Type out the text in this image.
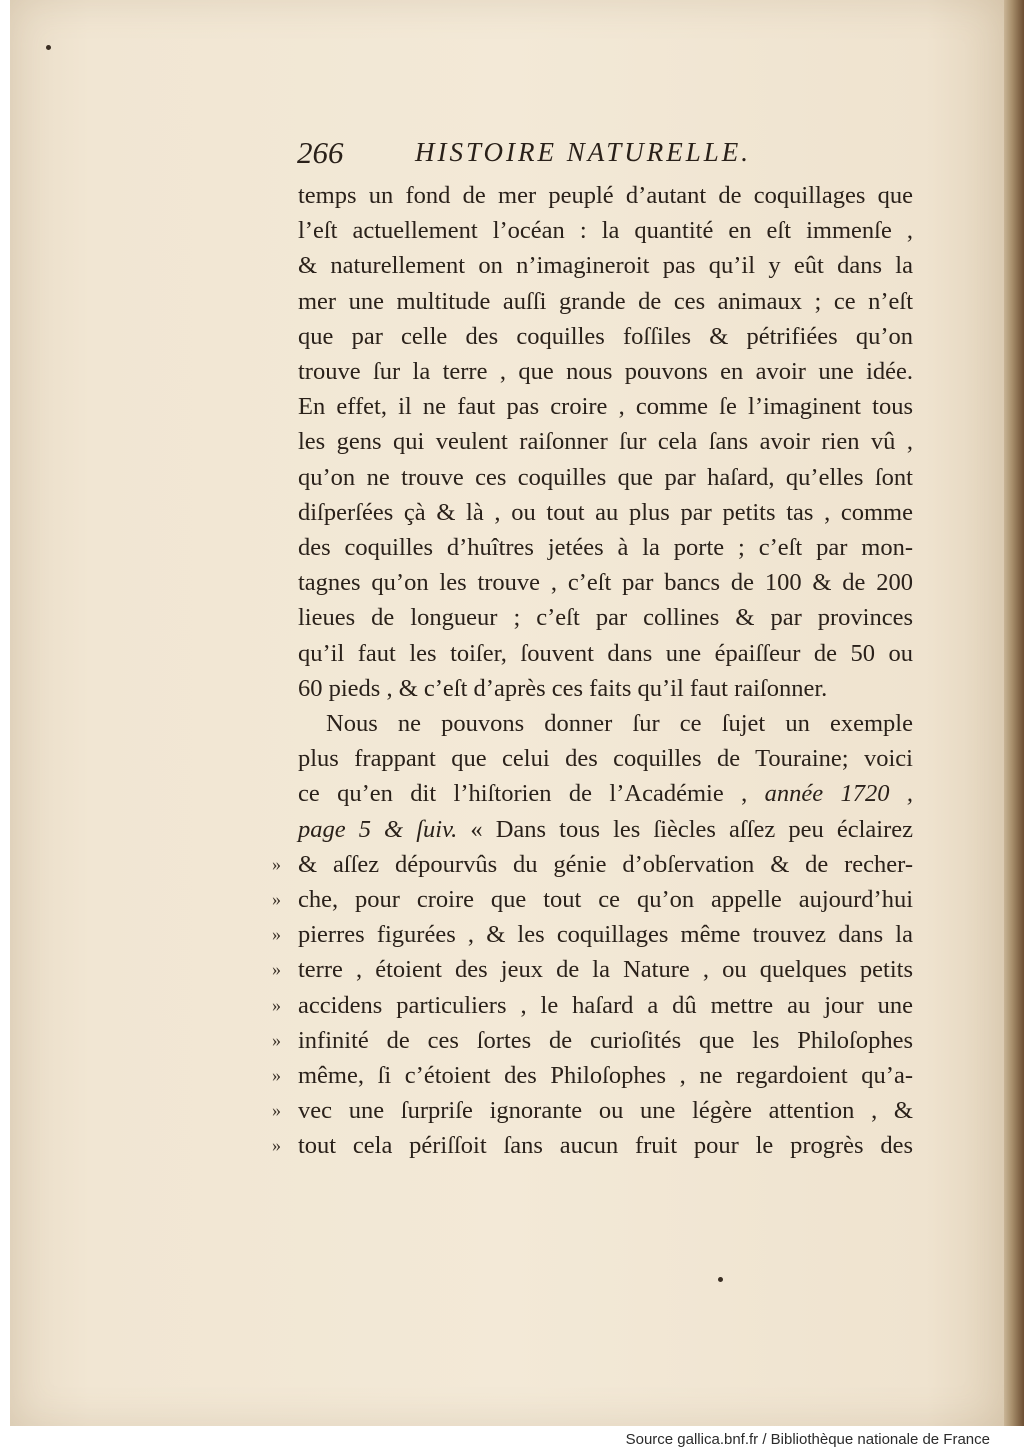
266	HISTOIRE NATURELLE.
temps un fond de mer peuplé d’autant de coquillages que
l’eſt actuellement l’océan : la quantité en eſt immenſe ,
& naturellement on n’imagineroit pas qu’il y eût dans la
mer une multitude auſſi grande de ces animaux ; ce n’eſt
que par celle des coquilles foſſiles & pétrifiées qu’on
trouve ſur la terre , que nous pouvons en avoir une idée.
En effet, il ne faut pas croire , comme ſe l’imaginent tous
les gens qui veulent raiſonner ſur cela ſans avoir rien vû ,
qu’on ne trouve ces coquilles que par haſard, qu’elles ſont
diſperſées çà & là , ou tout au plus par petits tas , comme
des coquilles d’huîtres jetées à la porte ; c’eſt par mon-
tagnes qu’on les trouve , c’eſt par bancs de 100 & de 200
lieues de longueur ; c’eſt par collines & par provinces
qu’il faut les toiſer, ſouvent dans une épaiſſeur de 50 ou
60 pieds , & c’eſt d’après ces faits qu’il faut raiſonner.
Nous ne pouvons donner ſur ce ſujet un exemple
plus frappant que celui des coquilles de Touraine; voici
ce qu’en dit l’hiſtorien de l’Académie , année 1720 ,
page 5 & ſuiv. « Dans tous les ſiècles aſſez peu éclairez
» & aſſez dépourvûs du génie d’obſervation & de recher-
» che, pour croire que tout ce qu’on appelle aujourd’hui
» pierres figurées , & les coquillages même trouvez dans la
» terre , étoient des jeux de la Nature , ou quelques petits
» accidens particuliers , le haſard a dû mettre au jour une
» infinité de ces ſortes de curioſités que les Philoſophes
» même, ſi c’étoient des Philoſophes , ne regardoient qu’a-
» vec une ſurpriſe ignorante ou une légère attention , &
» tout cela périſſoit ſans aucun fruit pour le progrès des
Source gallica.bnf.fr / Bibliothèque nationale de France
